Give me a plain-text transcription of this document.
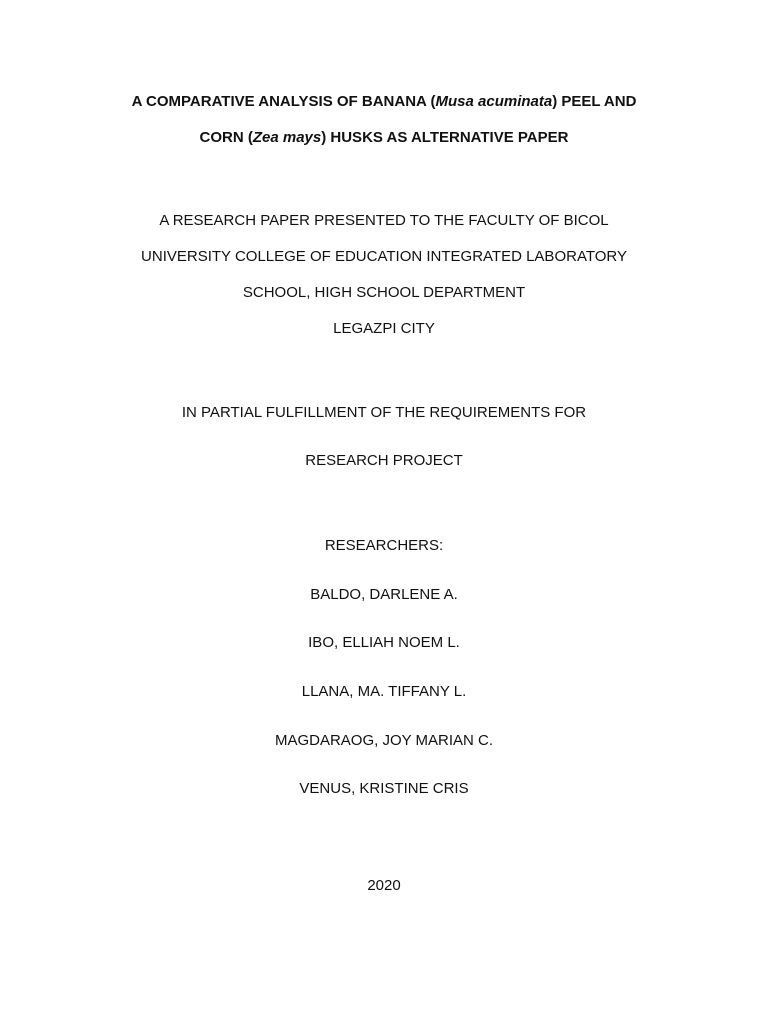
A COMPARATIVE ANALYSIS OF BANANA (Musa acuminata) PEEL AND
CORN (Zea mays) HUSKS AS ALTERNATIVE PAPER
A RESEARCH PAPER PRESENTED TO THE FACULTY OF BICOL
UNIVERSITY COLLEGE OF EDUCATION INTEGRATED LABORATORY
SCHOOL, HIGH SCHOOL DEPARTMENT
LEGAZPI CITY
IN PARTIAL FULFILLMENT OF THE REQUIREMENTS FOR
RESEARCH PROJECT
RESEARCHERS:
BALDO, DARLENE A.
IBO, ELLIAH NOEM L.
LLANA, MA. TIFFANY L.
MAGDARAOG, JOY MARIAN C.
VENUS, KRISTINE CRIS
2020
